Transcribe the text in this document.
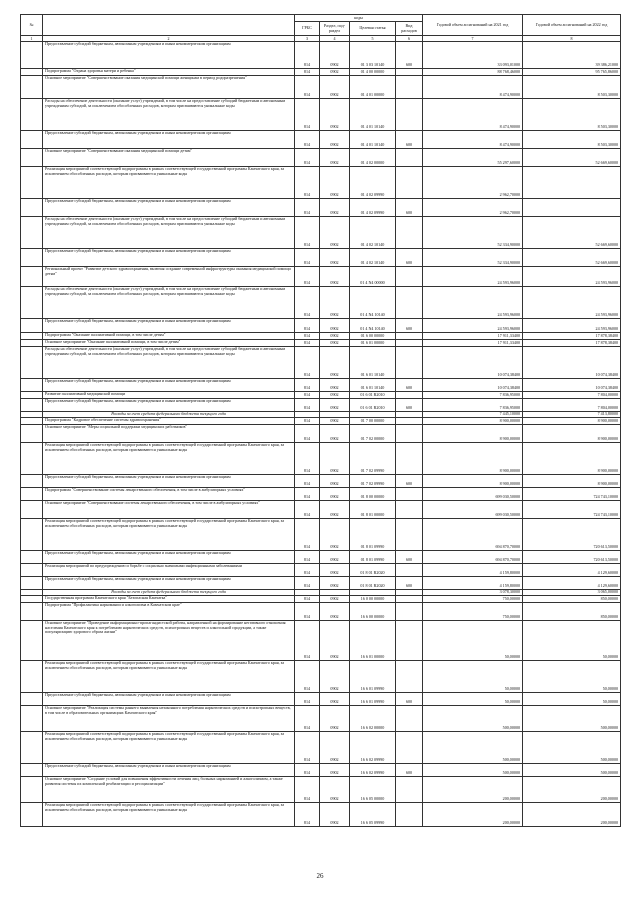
№		коды				Годовой объем ассигнований на 2021 год	Годовой объем ассигнований на 2022 год
		ГРБС	Раздел, под-раздел	Целевая статья	Вид расходов		
1	2	3	4	5	6	7	8
	Предоставление субсидий бюджетным, автономным учреждениям и иным некоммерческим организациям	814	0902	01 3 03 10140	600	33 093,01000	39 386,21000
	Подпрограмма "Охрана здоровья матери и ребенка"	814	0902	01 4 00 00000		88 768,46000	95 765,86000
	Основное мероприятие "Совершенствование оказания медицинской помощи женщинам в период родоразрешения"	814	0902	01 4 01 00000		8 474,90000	8 503,30000
	Расходы на обеспечение деятельности (оказание услуг) учреждений, в том числе на предоставление субсидий бюджетным и автономным учреждениям субсидий, за исключением обособленных расходов, которым присваиваются уникальные коды	814	0902	01 4 01 10140		8 474,90000	8 503,30000
	Предоставление субсидий бюджетным, автономным учреждениям и иным некоммерческим организациям	814	0902	01 4 01 10140	600	8 474,90000	8 503,30000
	Основное мероприятие "Совершенствование оказания медицинской помощи детям"	814	0902	01 4 02 00000		55 297,60000	52 669,60000
	Реализация мероприятий соответствующей подпрограммы в рамках соответствующей государственной программы Камчатского края, за исключением обособленных расходов, которым присваиваются уникальные коды	814	0902	01 4 02 09990		2 962,70000	
	Предоставление субсидий бюджетным, автономным учреждениям и иным некоммерческим организациям	814	0902	01 4 02 09990	600	2 962,70000	
	Расходы на обеспечение деятельности (оказание услуг) учреждений, в том числе на предоставление субсидий бюджетным и автономным учреждениям субсидий, за исключением обособленных расходов, которым присваиваются уникальные коды	814	0902	01 4 02 10140		52 334,90000	52 669,60000
	Предоставление субсидий бюджетным, автономным учреждениям и иным некоммерческим организациям	814	0902	01 4 02 10140	600	52 334,90000	52 669,60000
	Региональный проект "Развитие детского здравоохранения, включая создание современной инфраструктуры оказания медицинской помощи детям"	814	0902	01 4 N4 00000		24 593,96000	24 593,96000
	Расходы на обеспечение деятельности (оказание услуг) учреждений, в том числе на предоставление субсидий бюджетным и автономным учреждениям субсидий, за исключением обособленных расходов, которым присваиваются уникальные коды	814	0902	01 4 N4 10140		24 593,96000	24 593,96000
	Предоставление субсидий бюджетным, автономным учреждениям и иным некоммерческим организациям	814	0902	01 4 N4 10140	600	24 593,96000	24 593,96000
	Подпрограмма "Оказание паллиативной помощи, в том числе детям"	814	0902	01 6 00 00000		17 911,33400	17 878,38400
	Основное мероприятие "Оказание паллиативной помощи, в том числе детям"	814	0902	01 6 01 00000		17 911,33400	17 878,38400
	Расходы на обеспечение деятельности (оказание услуг) учреждений, в том числе на предоставление субсидий бюджетным и автономным учреждениям субсидий, за исключением обособленных расходов, которым присваиваются уникальные коды	814	0902	01 6 01 10140		10 074,38400	10 074,38400
	Предоставление субсидий бюджетным, автономным учреждениям и иным некоммерческим организациям	814	0902	01 6 01 10140	600	10 074,38400	10 074,38400
	Развитие паллиативной медицинской помощи	814	0902	01 6 01 R2010		7 836,95000	7 804,00000
	Предоставление субсидий бюджетным, автономным учреждениям и иным некоммерческим организациям	814	0902	01 6 01 R2010	600	7 836,95000	7 804,00000
	Расходы за счет средств федерального бюджета текущего года					7 445,10000	7 413,80000
	Подпрограмма "Кадровое обеспечение системы здравоохранения"	814	0902	01 7 00 00000		8 900,00000	8 900,00000
	Основное мероприятие "Меры социальной поддержки медицинских работников"	814	0902	01 7 02 00000		8 900,00000	8 900,00000
	Реализация мероприятий соответствующей подпрограммы в рамках соответствующей государственной программы Камчатского края, за исключением обособленных расходов, которым присваиваются уникальные коды	814	0902	01 7 02 09990		8 900,00000	8 900,00000
	Предоставление субсидий бюджетным, автономным учреждениям и иным некоммерческим организациям	814	0902	01 7 02 09990	600	8 900,00000	8 900,00000
	Подпрограмма "Совершенствование системы лекарственного обеспечения, в том числе в амбулаторных условиях"	814	0902	01 8 00 00000		699 030,50000	724 743,10000
	Основное мероприятие "Совершенствование системы лекарственного обеспечения, в том числе в амбулаторных условиях"	814	0902	01 8 01 00000		699 030,50000	724 743,10000
	Реализация мероприятий соответствующей подпрограммы в рамках соответствующей государственной программы Камчатского края, за исключением обособленных расходов, которым присваиваются уникальные коды	814	0902	01 8 01 09990		694 870,70000	720 613,50000
	Предоставление субсидий бюджетным, автономным учреждениям и иным некоммерческим организациям	814	0902	01 8 01 09990	600	694 870,70000	720 613,50000
	Реализация мероприятий по предупреждению и борьбе с социально значимыми инфекционными заболеваниями	814	0902	01 8 01 R2020		4 159,80000	4 129,60000
	Предоставление субсидий бюджетным, автономным учреждениям и иным некоммерческим организациям	814	0902	01 8 01 R2020	600	4 159,80000	4 129,60000
	Расходы за счет средств федерального бюджета текущего года					3 078,30000	3 065,00000
	Государственная программа Камчатского края "Безопасная Камчатка"	814	0902	16 0 00 00000		750,00000	850,00000
	Подпрограмма "Профилактика наркомании и алкоголизма в Камчатском крае"	814	0902	16 6 00 00000		750,00000	850,00000
	Основное мероприятие "Проведение информационно-пропагандистской работы, направленной на формирование негативного отношения населения Камчатского края к потреблению наркотических средств, психотропных веществ и алкогольной продукции, а также популяризацию здорового образа жизни"	814	0902	16 6 01 00000		50,00000	50,00000
	Реализация мероприятий соответствующей подпрограммы в рамках соответствующей государственной программы Камчатского края, за исключением обособленных расходов, которым присваиваются уникальные коды	814	0902	16 6 01 09990		50,00000	50,00000
	Предоставление субсидий бюджетным, автономным учреждениям и иным некоммерческим организациям	814	0902	16 6 01 09990	600	50,00000	50,00000
	Основное мероприятие "Реализация системы раннего выявления незаконного потребления наркотических средств и психотропных веществ, в том числе в образовательных организациях Камчатского края"	814	0902	16 6 02 00000		500,00000	500,00000
	Реализация мероприятий соответствующей подпрограммы в рамках соответствующей государственной программы Камчатского края, за исключением обособленных расходов, которым присваиваются уникальные коды	814	0902	16 6 02 09990		500,00000	500,00000
	Предоставление субсидий бюджетным, автономным учреждениям и иным некоммерческим организациям	814	0902	16 6 02 09990	600	500,00000	500,00000
	Основное мероприятие "Создание условий для повышения эффективности лечения лиц, больных наркоманией и алкоголизмом, а также развития системы их комплексной реабилитации и ресоциализации"	814	0902	16 6 05 00000		200,00000	200,00000
	Реализация мероприятий соответствующей подпрограммы в рамках соответствующей государственной программы Камчатского края, за исключением обособленных расходов, которым присваиваются уникальные коды	814	0902	16 6 05 09990		200,00000	200,00000
26
